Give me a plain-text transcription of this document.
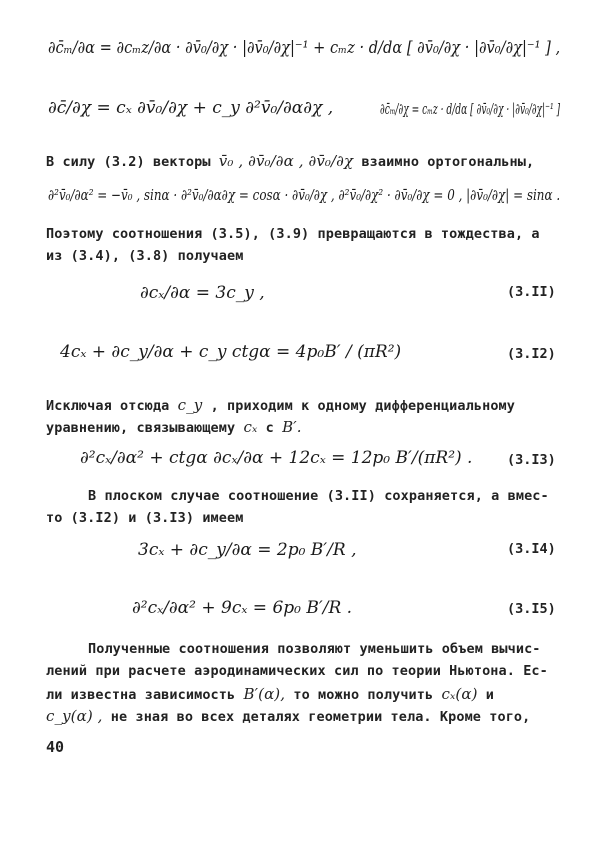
∂c̄ₘ/∂α = ∂cₘz/∂α · ∂v̄₀/∂χ · |∂v̄₀/∂χ|⁻¹ + cₘz · d/dα [ ∂v̄₀/∂χ · |∂v̄₀/∂χ|⁻¹ ] ,
∂c̄/∂χ = cₓ ∂v̄₀/∂χ + c_y ∂²v̄₀/∂α∂χ ,	∂c̄ₘ/∂χ = cₘz · d/dα [ ∂v̄₀/∂χ · |∂v̄₀/∂χ|⁻¹ ]
В силу (3.2) векторы v̄₀ , ∂v̄₀/∂α , ∂v̄₀/∂χ взаимно ортогональны,
∂²v̄₀/∂α² = −v̄₀ , sinα · ∂²v̄₀/∂α∂χ = cosα · ∂v̄₀/∂χ , ∂²v̄₀/∂χ² · ∂v̄₀/∂χ = 0 , |∂v̄₀/∂χ| = sinα .
Поэтому соотношения (3.5), (3.9) превращаются в тождества, а
из (3.4), (3.8) получаем
∂cₓ/∂α = 3c_y ,	(3.II)
4cₓ + ∂c_y/∂α + c_y ctgα = 4p₀B′ / (πR²)	(3.I2)
Исключая отсюда c_y , приходим к одному дифференциальному
уравнению, связывающему cₓ с B′.
∂²cₓ/∂α² + ctgα ∂cₓ/∂α + 12cₓ = 12p₀ B′/(πR²) .	(3.I3)
В плоском случае соотношение (3.II) сохраняется, а вмес-
то (3.I2) и (3.I3) имеем
3cₓ + ∂c_y/∂α = 2p₀ B′/R ,	(3.I4)
∂²cₓ/∂α² + 9cₓ = 6p₀ B′/R .	(3.I5)
Полученные соотношения позволяют уменьшить объем вычис-
лений при расчете аэродинамических сил по теории Ньютона. Ес-
ли известна зависимость B′(α), то можно получить cₓ(α) и
c_y(α) , не зная во всех деталях геометрии тела. Кроме того,
40
